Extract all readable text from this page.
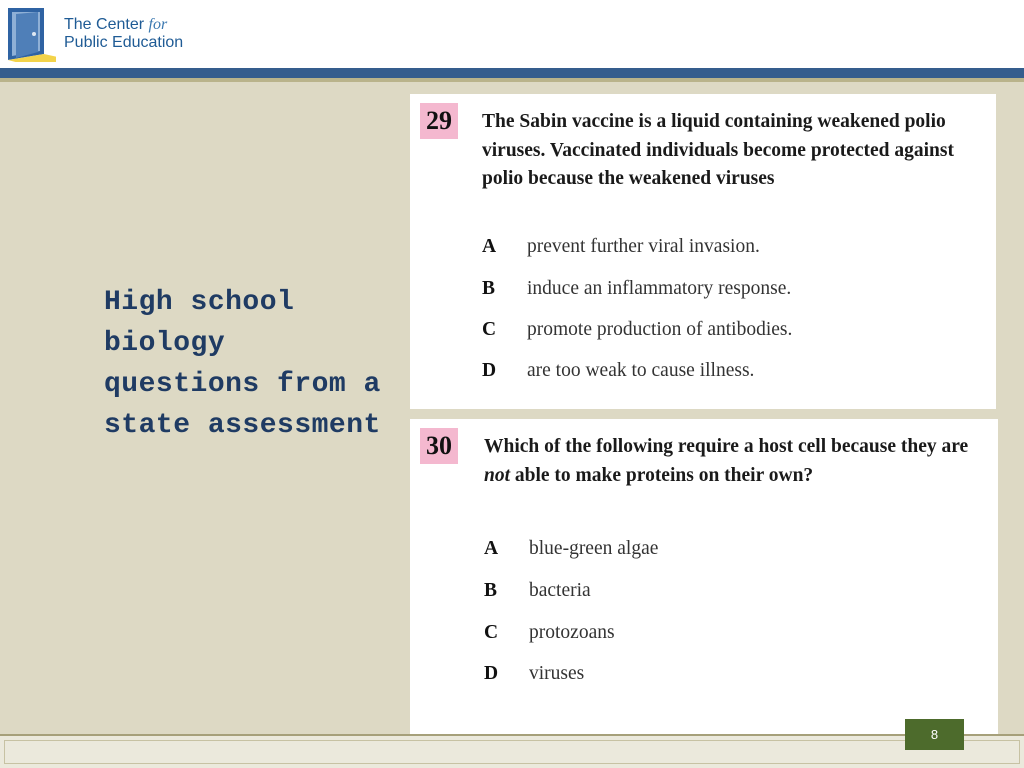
The Center for
Public Education
High school biology questions from a state assessment
29	The Sabin vaccine is a liquid containing weakened polio viruses. Vaccinated individuals become protected against polio because the weakened viruses
A prevent further viral invasion.
B induce an inflammatory response.
C promote production of antibodies.
D are too weak to cause illness.
30	Which of the following require a host cell because they are not able to make proteins on their own?
A blue-green algae
B bacteria
C protozoans
D viruses
8
